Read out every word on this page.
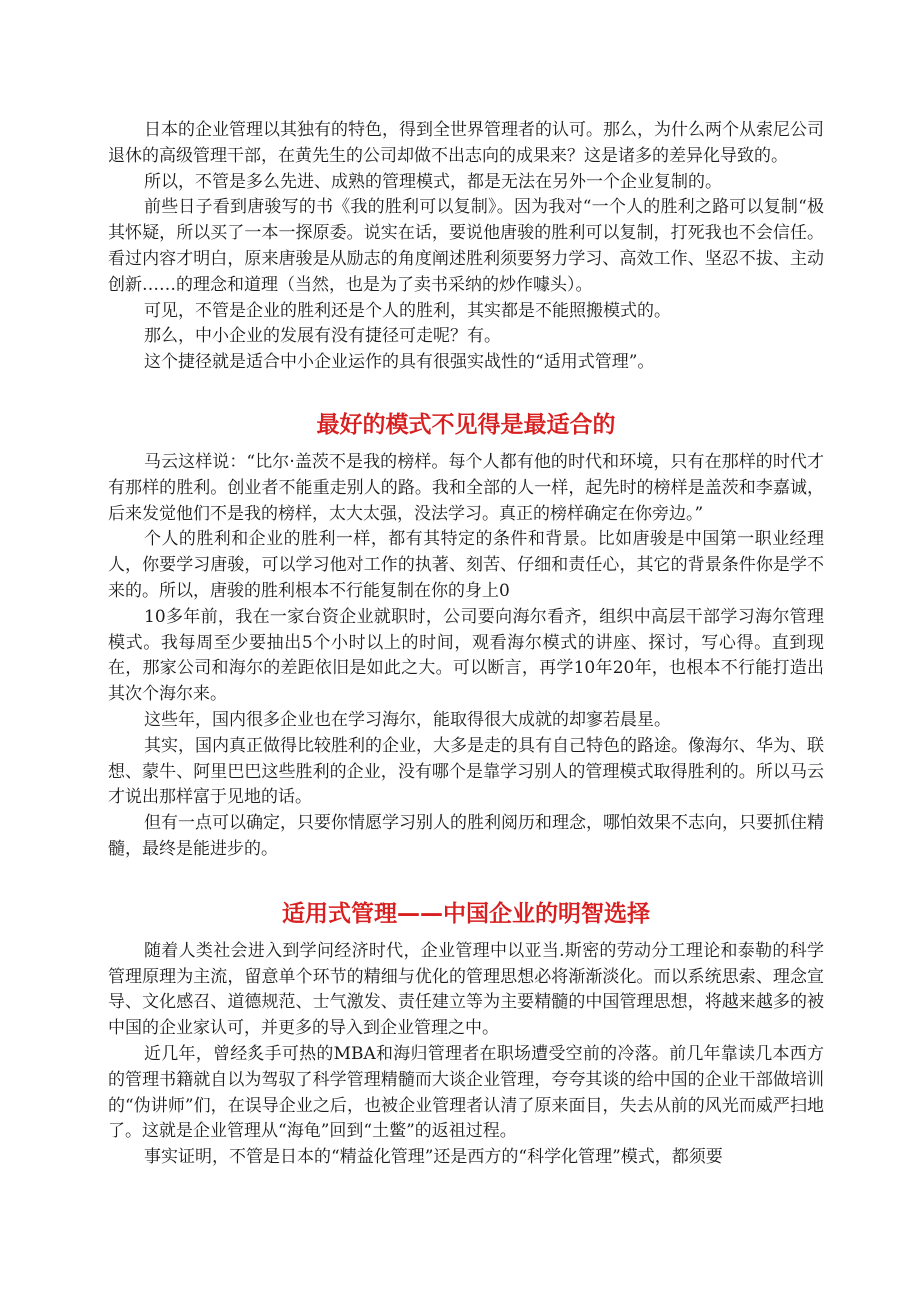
日本的企业管理以其独有的特色，得到全世界管理者的认可。那么，为什么两个从索尼公司退休的高级管理干部，在黄先生的公司却做不出志向的成果来？这是诸多的差异化导致的。

所以，不管是多么先进、成熟的管理模式，都是无法在另外一个企业复制的。

前些日子看到唐骏写的书《我的胜利可以复制》。因为我对“一个人的胜利之路可以复制“极其怀疑，所以买了一本一探原委。说实在话，要说他唐骏的胜利可以复制，打死我也不会信任。看过内容才明白，原来唐骏是从励志的角度阐述胜利须要努力学习、高效工作、坚忍不拔、主动创新……的理念和道理（当然，也是为了卖书采纳的炒作噱头）。

可见，不管是企业的胜利还是个人的胜利，其实都是不能照搬模式的。

那么，中小企业的发展有没有捷径可走呢？有。

这个捷径就是适合中小企业运作的具有很强实战性的“适用式管理”。

最好的模式不见得是最适合的

马云这样说：“比尔·盖茨不是我的榜样。每个人都有他的时代和环境，只有在那样的时代才有那样的胜利。创业者不能重走别人的路。我和全部的人一样，起先时的榜样是盖茨和李嘉诚，后来发觉他们不是我的榜样，太大太强，没法学习。真正的榜样确定在你旁边。”

个人的胜利和企业的胜利一样，都有其特定的条件和背景。比如唐骏是中国第一职业经理人，你要学习唐骏，可以学习他对工作的执著、刻苦、仔细和责任心，其它的背景条件你是学不来的。所以，唐骏的胜利根本不行能复制在你的身上0

10多年前，我在一家台资企业就职时，公司要向海尔看齐，组织中高层干部学习海尔管理模式。我每周至少要抽出5个小时以上的时间，观看海尔模式的讲座、探讨，写心得。直到现在，那家公司和海尔的差距依旧是如此之大。可以断言，再学10年20年，也根本不行能打造出其次个海尔来。

这些年，国内很多企业也在学习海尔，能取得很大成就的却寥若晨星。

其实，国内真正做得比较胜利的企业，大多是走的具有自己特色的路途。像海尔、华为、联想、蒙牛、阿里巴巴这些胜利的企业，没有哪个是靠学习别人的管理模式取得胜利的。所以马云才说出那样富于见地的话。

但有一点可以确定，只要你情愿学习别人的胜利阅历和理念，哪怕效果不志向，只要抓住精髓，最终是能进步的。

适用式管理——中国企业的明智选择

随着人类社会进入到学问经济时代，企业管理中以亚当.斯密的劳动分工理论和泰勒的科学管理原理为主流，留意单个环节的精细与优化的管理思想必将渐渐淡化。而以系统思索、理念宣导、文化感召、道德规范、士气激发、责任建立等为主要精髓的中国管理思想，将越来越多的被中国的企业家认可，并更多的导入到企业管理之中。

近几年，曾经炙手可热的MBA和海归管理者在职场遭受空前的冷落。前几年靠读几本西方的管理书籍就自以为驾驭了科学管理精髓而大谈企业管理，夸夸其谈的给中国的企业干部做培训的“伪讲师”们，在误导企业之后，也被企业管理者认清了原来面目，失去从前的风光而威严扫地了。这就是企业管理从“海龟”回到“土鳖”的返祖过程。

事实证明，不管是日本的“精益化管理”还是西方的“科学化管理”模式，都须要
